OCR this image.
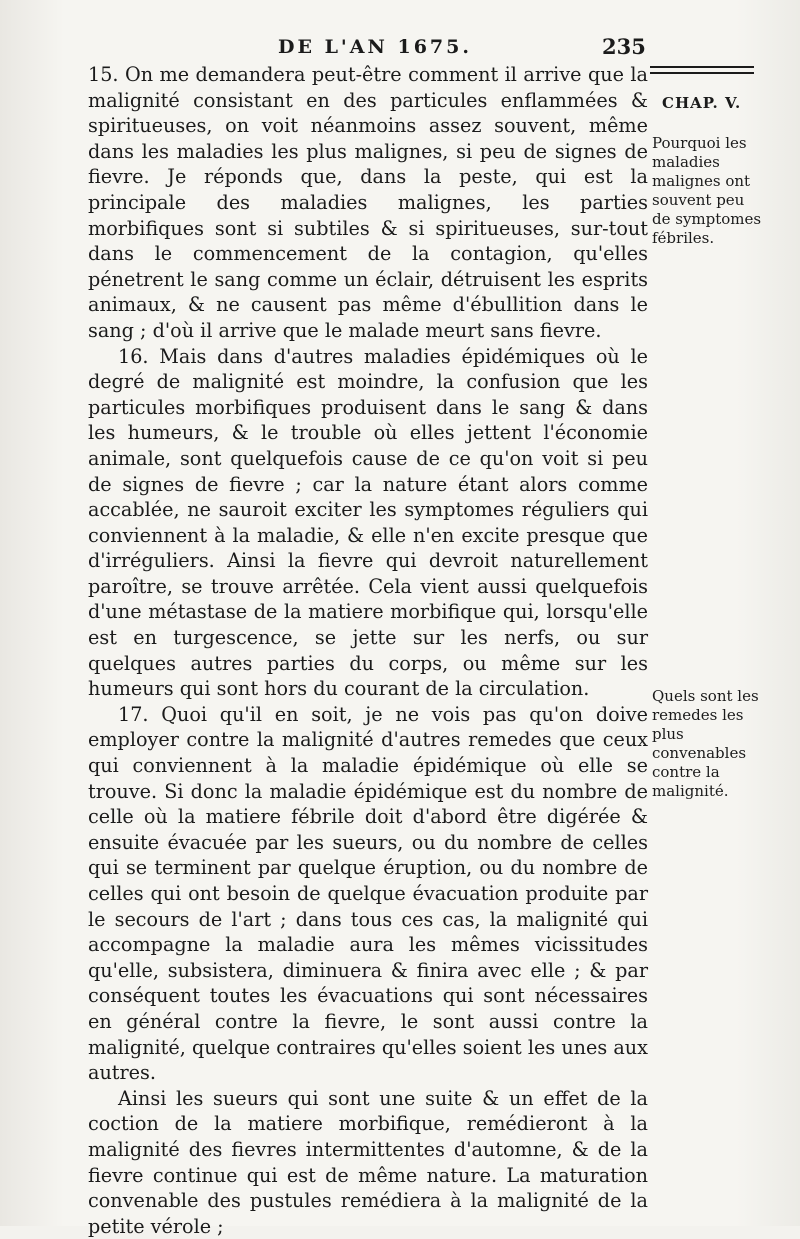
DE L'AN 1675.	235
CHAP. V.
Pourquoi les maladies malignes ont souvent peu de symptomes fébriles.
Quels sont les remedes les plus convenables contre la malignité.

15. On me demandera peut-être comment il arrive que la malignité consistant en des particules enflammées & spiritueuses, on voit néanmoins assez souvent, même dans les maladies les plus malignes, si peu de signes de fievre. Je réponds que, dans la peste, qui est la principale des maladies malignes, les parties morbifiques sont si subtiles & si spiritueuses, sur-tout dans le commencement de la contagion, qu'elles pénetrent le sang comme un éclair, détruisent les esprits animaux, & ne causent pas même d'ébullition dans le sang ; d'où il arrive que le malade meurt sans fievre.

16. Mais dans d'autres maladies épidémiques où le degré de malignité est moindre, la confusion que les particules morbifiques produisent dans le sang & dans les humeurs, & le trouble où elles jettent l'économie animale, sont quelquefois cause de ce qu'on voit si peu de signes de fievre ; car la nature étant alors comme accablée, ne sauroit exciter les symptomes réguliers qui conviennent à la maladie, & elle n'en excite presque que d'irréguliers. Ainsi la fievre qui devroit naturellement paroître, se trouve arrêtée. Cela vient aussi quelquefois d'une métastase de la matiere morbifique qui, lorsqu'elle est en turgescence, se jette sur les nerfs, ou sur quelques autres parties du corps, ou même sur les humeurs qui sont hors du courant de la circulation.

17. Quoi qu'il en soit, je ne vois pas qu'on doive employer contre la malignité d'autres remedes que ceux qui conviennent à la maladie épidémique où elle se trouve. Si donc la maladie épidémique est du nombre de celle où la matiere fébrile doit d'abord être digérée & ensuite évacuée par les sueurs, ou du nombre de celles qui se terminent par quelque éruption, ou du nombre de celles qui ont besoin de quelque évacuation produite par le secours de l'art ; dans tous ces cas, la malignité qui accompagne la maladie aura les mêmes vicissitudes qu'elle, subsistera, diminuera & finira avec elle ; & par conséquent toutes les évacuations qui sont nécessaires en général contre la fievre, le sont aussi contre la malignité, quelque contraires qu'elles soient les unes aux autres.

Ainsi les sueurs qui sont une suite & un effet de la coction de la matiere morbifique, remédieront à la malignité des fievres intermittentes d'automne, & de la fievre continue qui est de même nature. La maturation convenable des pustules remédiera à la malignité de la petite vérole ;
